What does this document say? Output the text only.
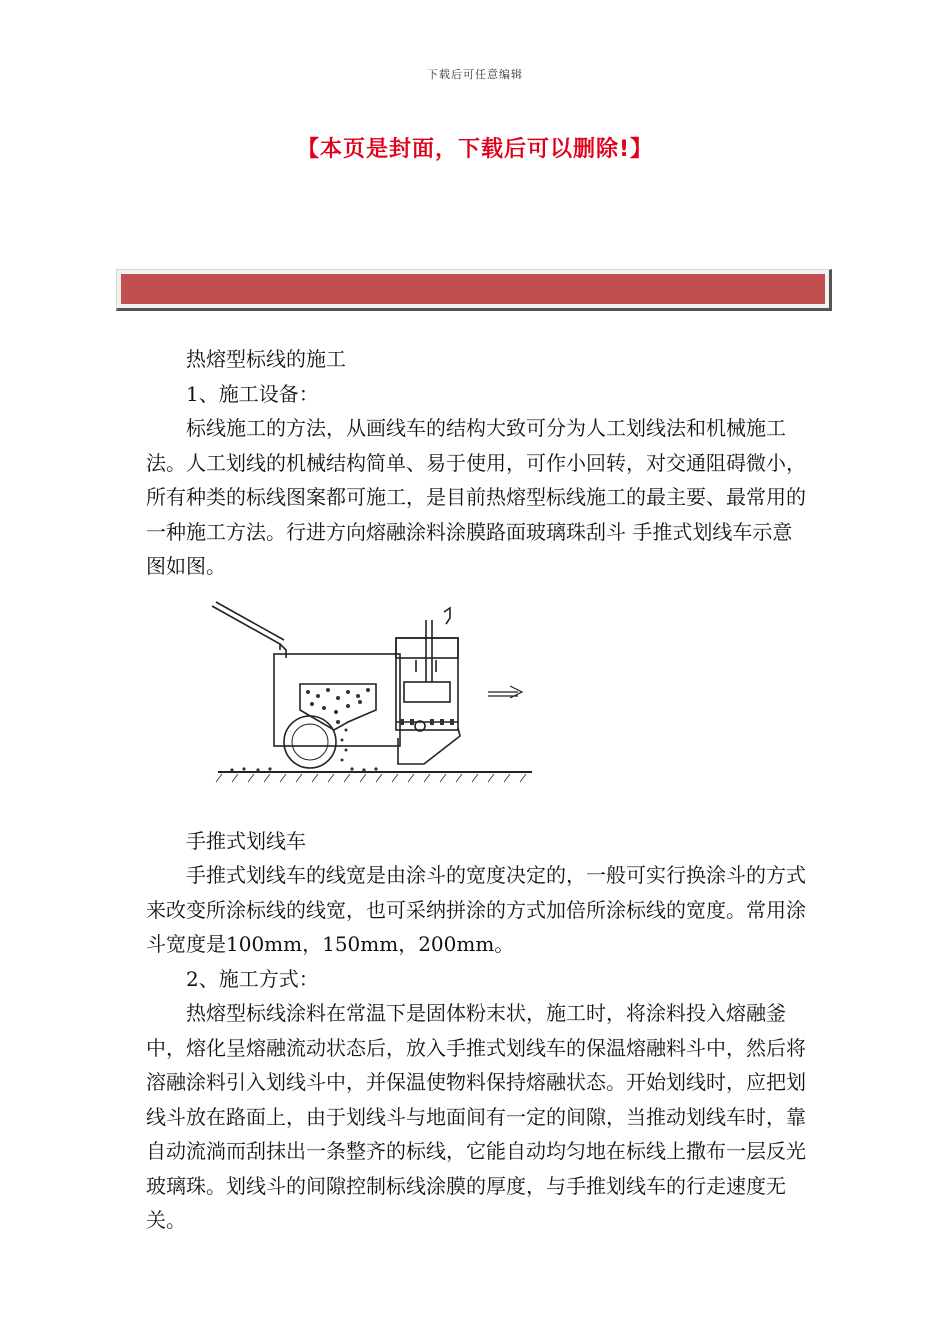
下载后可任意编辑
【本页是封面，下载后可以删除!】

热熔型标线的施工

1、施工设备：

标线施工的方法，从画线车的结构大致可分为人工划线法和机械施工法。人工划线的机械结构简单、易于使用，可作小回转，对交通阻碍微小，所有种类的标线图案都可施工，是目前热熔型标线施工的最主要、最常用的一种施工方法。行进方向熔融涂料涂膜路面玻璃珠刮斗 手推式划线车示意图如图。

手推式划线车

手推式划线车的线宽是由涂斗的宽度决定的，一般可实行换涂斗的方式来改变所涂标线的线宽，也可采纳拼涂的方式加倍所涂标线的宽度。常用涂斗宽度是100mm，150mm，200mm。

2、施工方式：

热熔型标线涂料在常温下是固体粉末状，施工时，将涂料投入熔融釜中，熔化呈熔融流动状态后，放入手推式划线车的保温熔融料斗中，然后将溶融涂料引入划线斗中，并保温使物料保持熔融状态。开始划线时，应把划线斗放在路面上，由于划线斗与地面间有一定的间隙，当推动划线车时，靠自动流淌而刮抹出一条整齐的标线，它能自动均匀地在标线上撒布一层反光玻璃珠。划线斗的间隙控制标线涂膜的厚度，与手推划线车的行走速度无关。
